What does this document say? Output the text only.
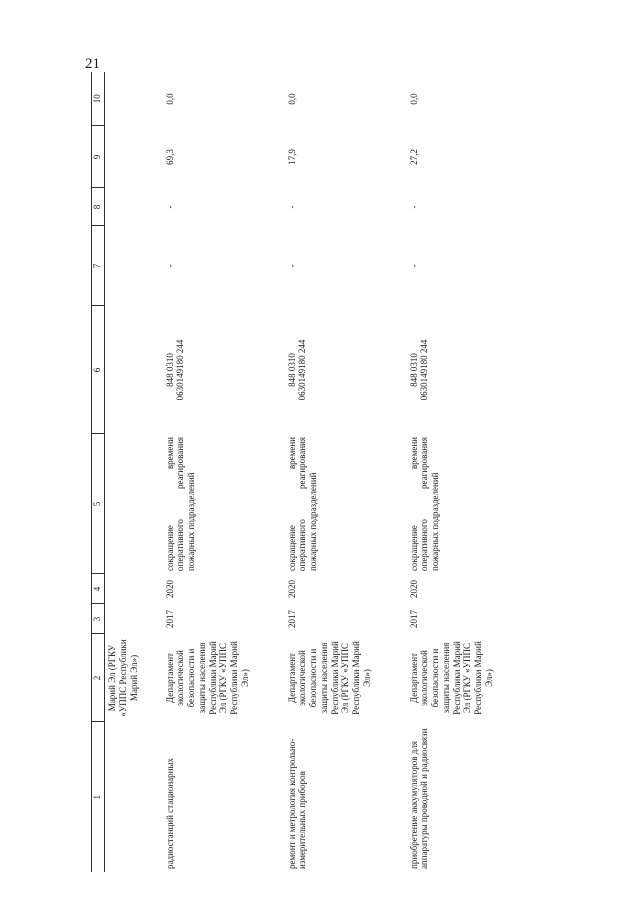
21
1	2	3	4	5	6	7	8	9	10
	Марий Эл (РГКУ «УППС Республики Марий Эл»)								
радиостанций стационарных	Департамент экологической безопасности и защиты населения Республики Марий Эл (РГКУ «УППС Республики Марий Эл»)	2017	2020	сокращение времени оперативного реагирования пожарных подразделений	848 0310 0630149180 244	-	-	69,3	0,0
ремонт и метрология контрольно-измерительных приборов	Департамент экологической безопасности и защиты населения Республики Марий Эл (РГКУ «УППС Республики Марий Эл»)	2017	2020	сокращение времени оперативного реагирования пожарных подразделений	848 0310 0630149180 244	-	-	17,9	0,0
приобретение аккумуляторов для аппаратуры проводной и радиосвязи	Департамент экологической безопасности и защиты населения Республики Марий Эл (РГКУ «УППС Республики Марий Эл»)	2017	2020	сокращение времени оперативного реагирования пожарных подразделений	848 0310 0630149180 244	-	-	27,2	0,0
